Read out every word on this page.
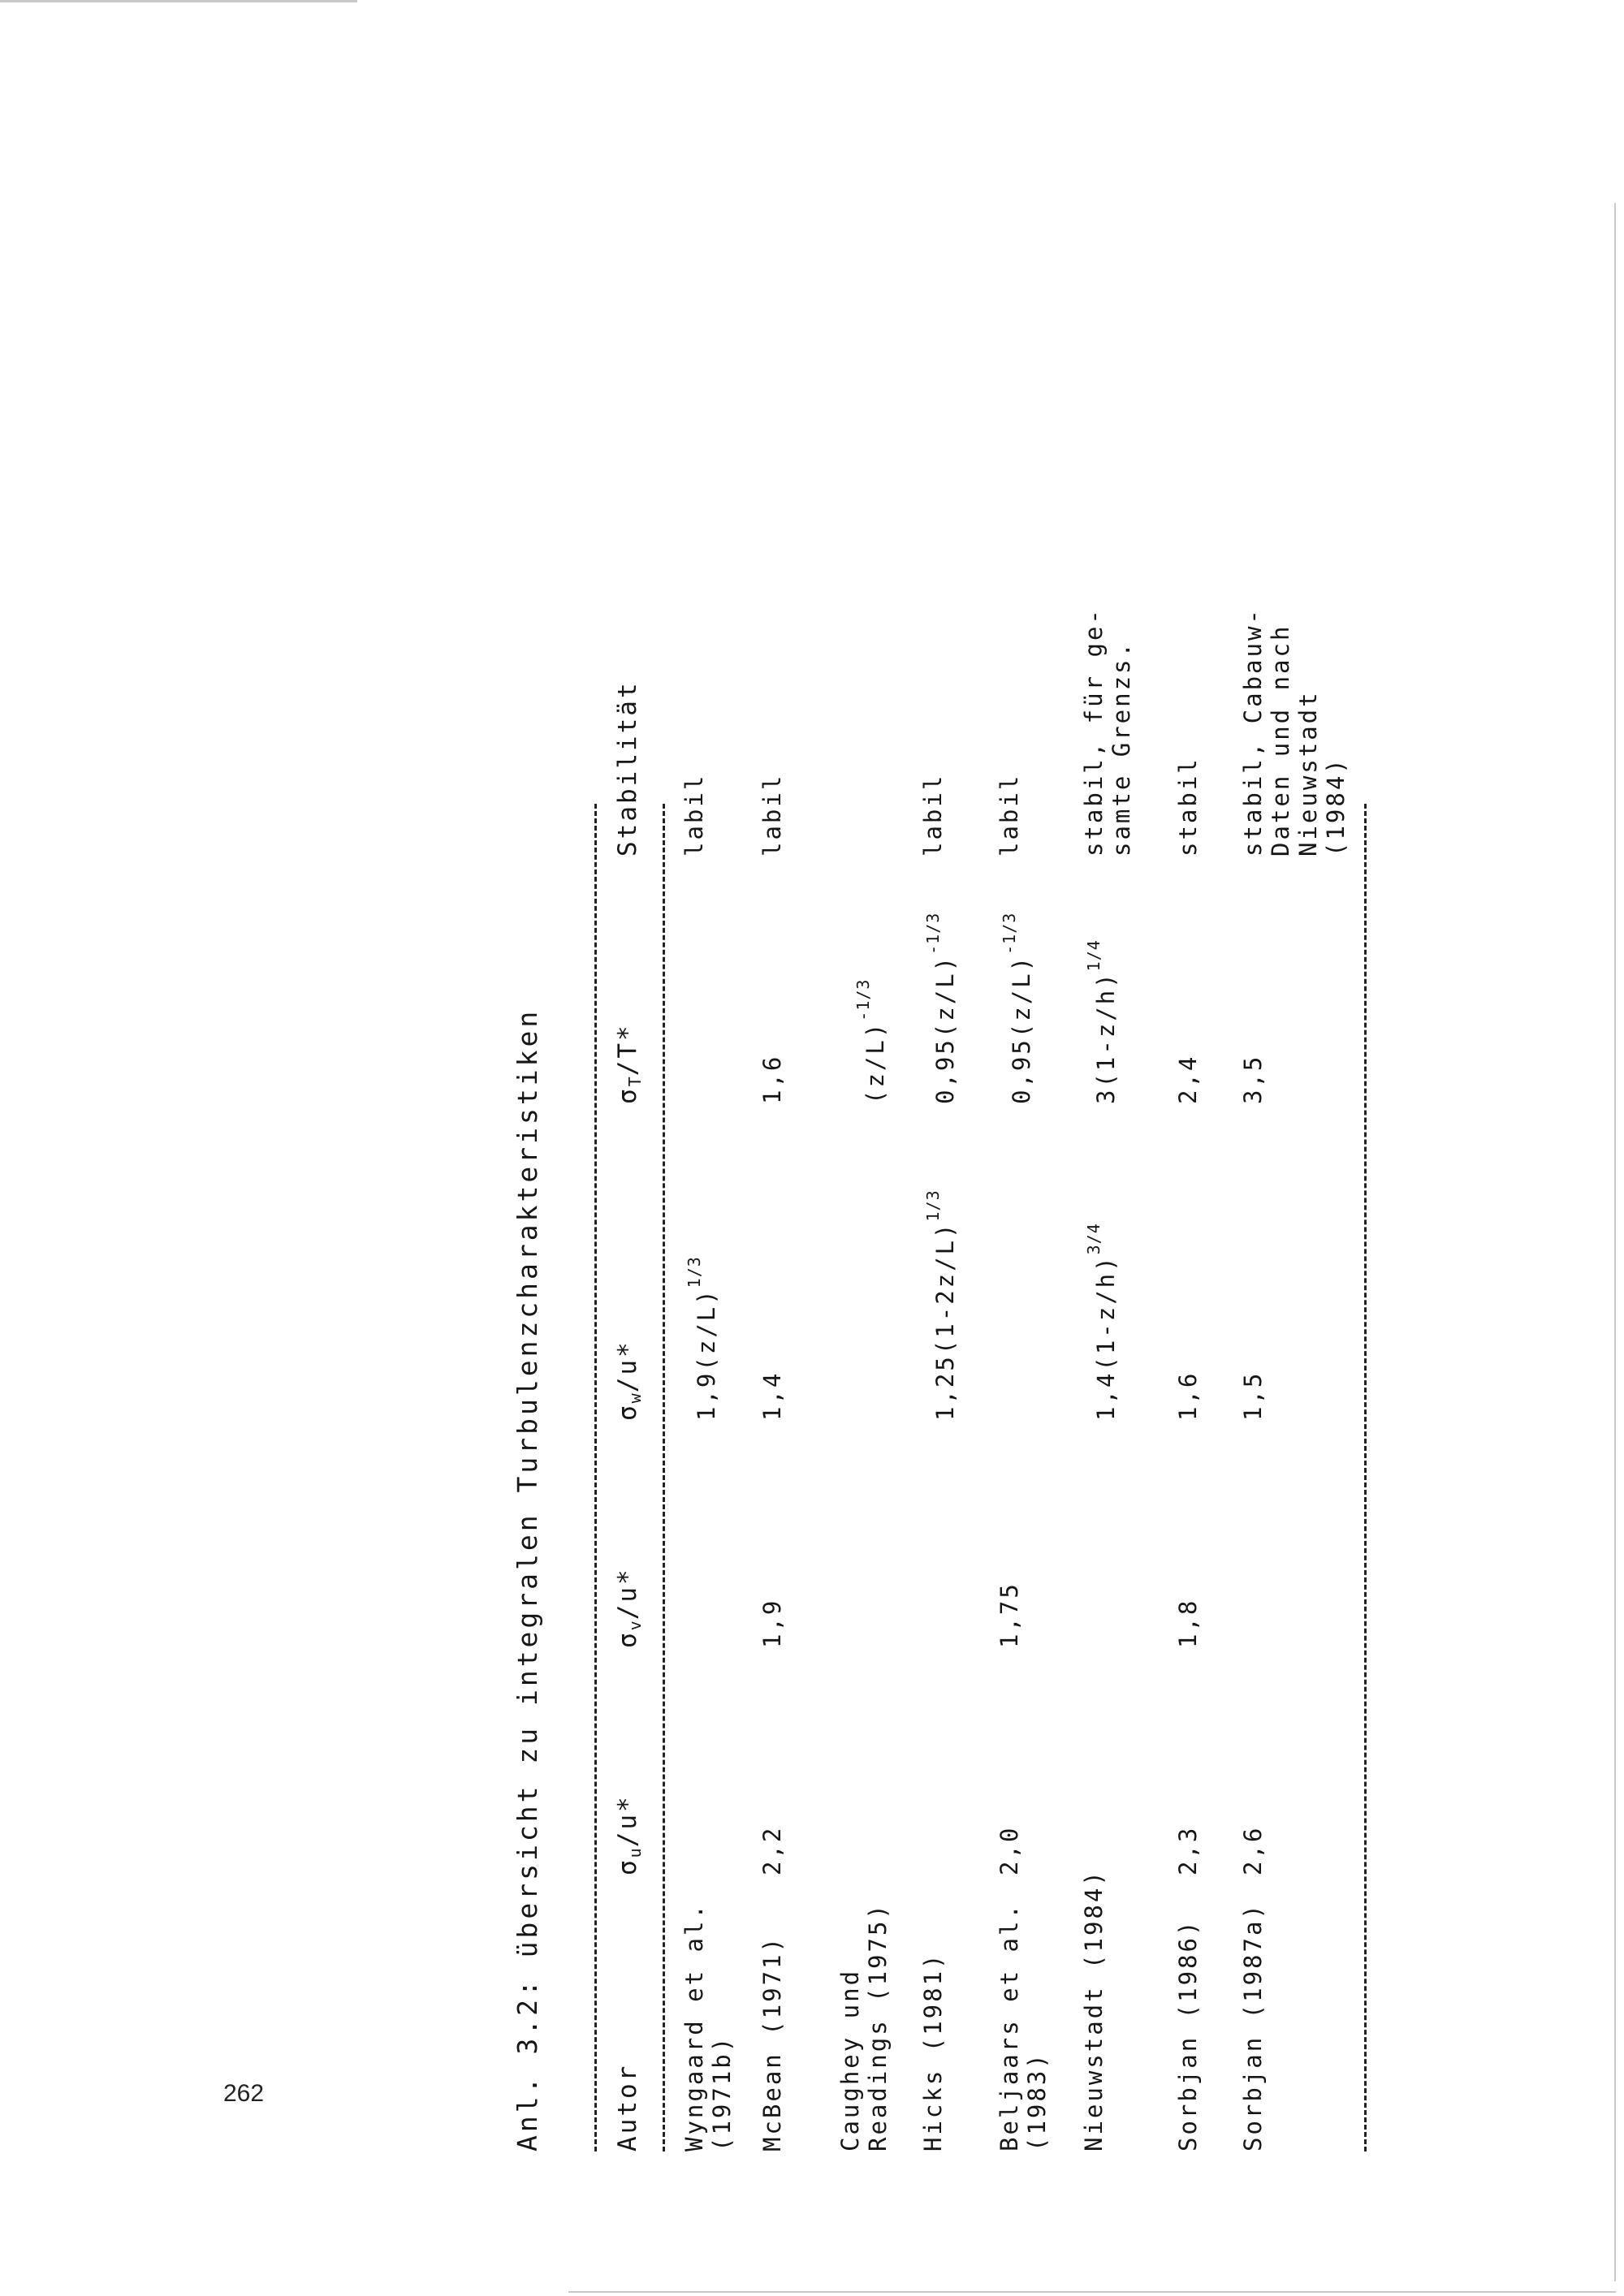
262	Anl. 3.2: übersicht zu integralen Turbulenzcharakteristiken	Autor
$\sigma_u/u*$
$\sigma_v/u*$
$\sigma_w/u*$
$\sigma_T/T*$
Stabilität
Wyngaard et al.
(1971b)
$1,9(z/L)^{1/3}$
labil
McBean (1971)
2,2
1,9
1,4
1,6
labil
Caughey und
Readings (1975)
$(z/L)^{-1/3}$
Hicks (1981)
$1,25(1-2z/L)^{1/3}$
$0,95(z/L)^{-1/3}$
labil
Beljaars et al.
(1983)
2,0
1,75
$0,95(z/L)^{-1/3}$
labil
Nieuwstadt (1984)
$1,4(1-z/h)^{3/4}$
$3(1-z/h)^{1/4}$
stabil, für ge-
samte Grenzs.
Sorbjan (1986)
2,3
1,8
1,6
2,4
stabil
Sorbjan (1987a)
2,6
1,5
3,5
stabil, Cabauw-
Daten und nach
Nieuwstadt
(1984)
